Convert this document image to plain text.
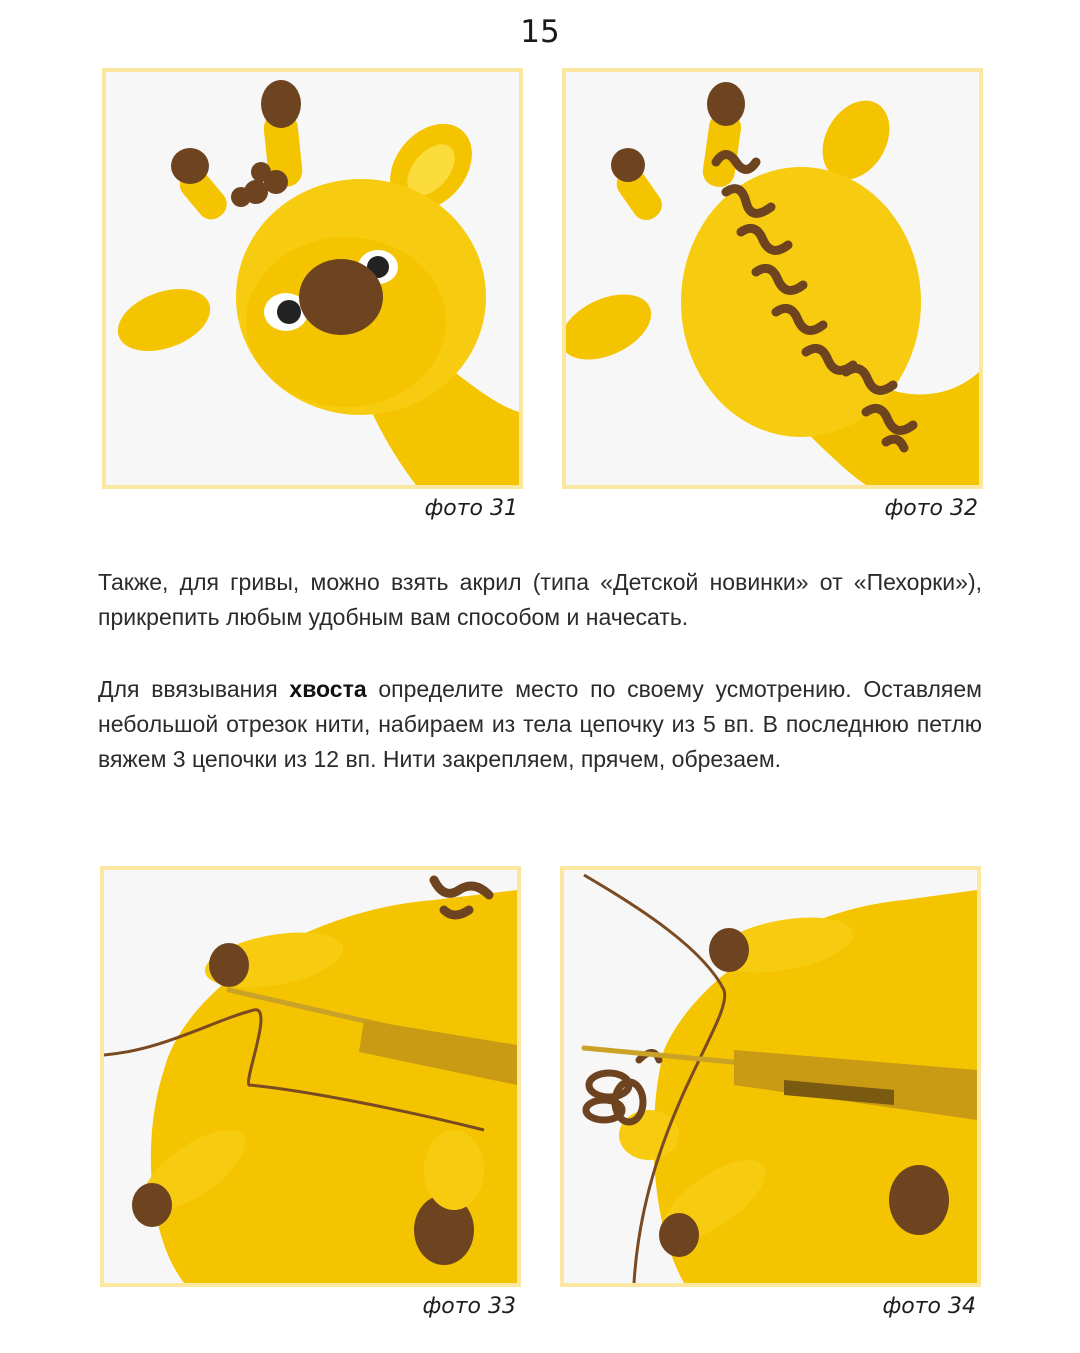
15
фото 31	фото 32
Также, для гривы, можно взять акрил (типа «Детской новинки» от «Пехорки»), прикрепить любым удобным вам способом и начесать.
Для ввязывания хвоста определите место по своему усмотрению. Оставляем небольшой отрезок нити, набираем из тела цепочку из 5 вп. В последнюю петлю вяжем 3 цепочки из 12 вп. Нити закрепляем, прячем, обрезаем.
фото 33	фото 34
